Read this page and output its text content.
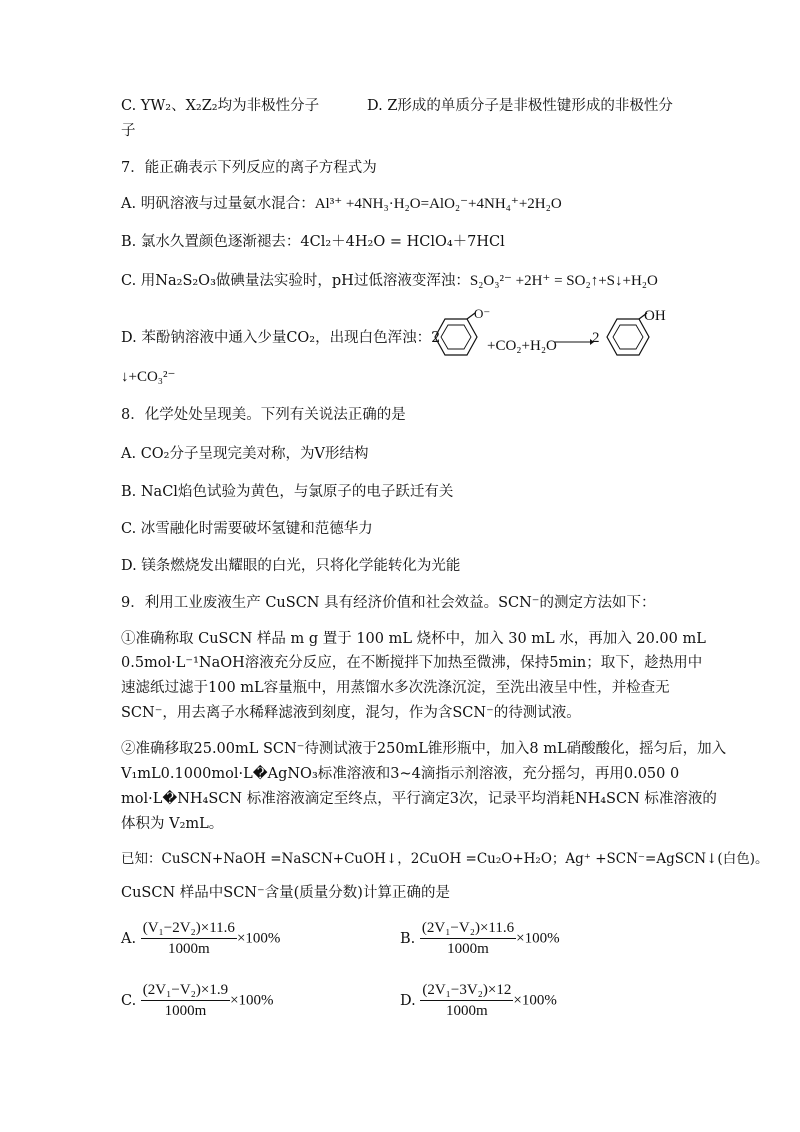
C. YW₂、X₂Z₂均为非极性分子	D. Z形成的单质分子是非极性键形成的非极性分
子
7．能正确表示下列反应的离子方程式为
A. 明矾溶液与过量氨水混合：Al³⁺ +4NH₃·H₂O=AlO₂⁻+4NH₄⁺+2H₂O
B. 氯水久置颜色逐渐褪去：4Cl₂＋4H₂O = HClO₄＋7HCl
C. 用Na₂S₂O₃做碘量法实验时，pH过低溶液变浑浊：S₂O₃²⁻ +2H⁺ = SO₂↑+S↓+H₂O
D. 苯酚钠溶液中通入少量CO₂，出现白色浑浊：2
O⁻
+CO₂+H₂O 2
OH
↓+CO₃²⁻
8．化学处处呈现美。下列有关说法正确的是
A. CO₂分子呈现完美对称，为V形结构
B. NaCl焰色试验为黄色，与氯原子的电子跃迁有关
C. 冰雪融化时需要破坏氢键和范德华力
D. 镁条燃烧发出耀眼的白光，只将化学能转化为光能
9．利用工业废液生产 CuSCN 具有经济价值和社会效益。SCN⁻的测定方法如下：
①准确称取 CuSCN 样品 m g 置于 100 mL 烧杯中，加入 30 mL 水，再加入 20.00 mL
0.5mol·L⁻¹NaOH溶液充分反应，在不断搅拌下加热至微沸，保持5min；取下，趁热用中
速滤纸过滤于100 mL容量瓶中，用蒸馏水多次洗涤沉淀，至洗出液呈中性，并检查无
SCN⁻，用去离子水稀释滤液到刻度，混匀，作为含SCN⁻的待测试液。
②准确移取25.00mL SCN⁻待测试液于250mL锥形瓶中，加入8 mL硝酸酸化，摇匀后，加入
V₁mL0.1000mol·L�AgNO₃标准溶液和3~4滴指示剂溶液，充分摇匀，再用0.050 0
mol·L�NH₄SCN 标准溶液滴定至终点，平行滴定3次，记录平均消耗NH₄SCN 标准溶液的
体积为 V₂mL。
已知：CuSCN+NaOH =NaSCN+CuOH↓，2CuOH =Cu₂O+H₂O；Ag⁺ +SCN⁻=AgSCN↓(白色)。
CuSCN 样品中SCN⁻含量(质量分数)计算正确的是
A. $\frac{\text{(V₁−2V₂)×11.6}}{1000m} \times 100\%$	B. $\frac{\text{(2V₁−V₂)×11.6}}{1000m} \times 100\%$
C. $\frac{\text{(2V₁−V₂)×1.9}}{1000m} \times 100\%$	D. $\frac{\text{(2V₁−3V₂)×12}}{1000m} \times 100\%$
